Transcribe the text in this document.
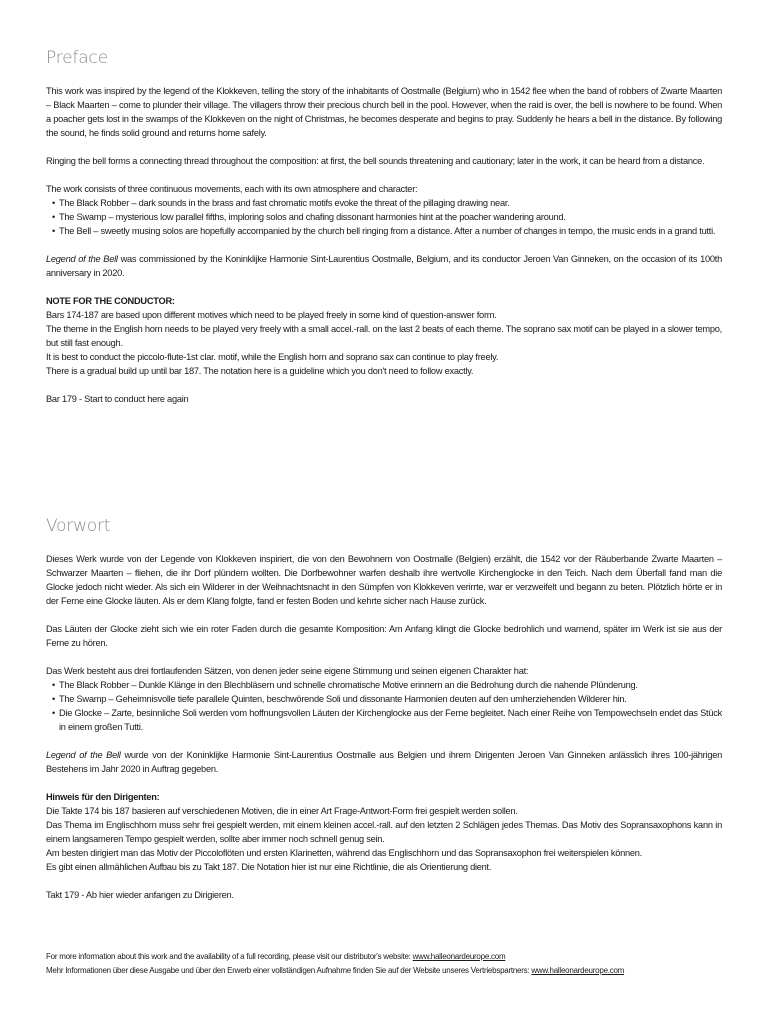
Preface

This work was inspired by the legend of the Klokkeven, telling the story of the inhabitants of Oostmalle (Belgium) who in 1542 flee when the band of robbers of Zwarte Maarten – Black Maarten – come to plunder their village. The villagers throw their precious church bell in the pool. However, when the raid is over, the bell is nowhere to be found. When a poacher gets lost in the swamps of the Klokkeven on the night of Christmas, he becomes desperate and begins to pray. Suddenly he hears a bell in the distance. By following the sound, he finds solid ground and returns home safely.

Ringing the bell forms a connecting thread throughout the composition: at first, the bell sounds threatening and cautionary; later in the work, it can be heard from a distance.

The work consists of three continuous movements, each with its own atmosphere and character:

• The Black Robber – dark sounds in the brass and fast chromatic motifs evoke the threat of the pillaging drawing near.
• The Swamp – mysterious low parallel fifths, imploring solos and chafing dissonant harmonies hint at the poacher wandering around.
• The Bell – sweetly musing solos are hopefully accompanied by the church bell ringing from a distance. After a number of changes in tempo, the music ends in a grand tutti.

Legend of the Bell was commissioned by the Koninklijke Harmonie Sint-Laurentius Oostmalle, Belgium, and its conductor Jeroen Van Ginneken, on the occasion of its 100th anniversary in 2020.

NOTE FOR THE CONDUCTOR:

Bars 174-187 are based upon different motives which need to be played freely in some kind of question-answer form.

The theme in the English horn needs to be played very freely with a small accel.-rall. on the last 2 beats of each theme. The soprano sax motif can be played in a slower tempo, but still fast enough.

It is best to conduct the piccolo-flute-1st clar. motif, while the English horn and soprano sax can continue to play freely.

There is a gradual build up until bar 187. The notation here is a guideline which you don't need to follow exactly.

Bar 179 - Start to conduct here again

Vorwort

Dieses Werk wurde von der Legende von Klokkeven inspiriert, die von den Bewohnern von Oostmalle (Belgien) erzählt, die 1542 vor der Räuberbande Zwarte Maarten – Schwarzer Maarten – fliehen, die ihr Dorf plündern wollten. Die Dorfbewohner warfen deshalb ihre wertvolle Kirchenglocke in den Teich. Nach dem Überfall fand man die Glocke jedoch nicht wieder. Als sich ein Wilderer in der Weihnachtsnacht in den Sümpfen von Klokkeven verirrte, war er verzweifelt und begann zu beten. Plötzlich hörte er in der Ferne eine Glocke läuten. Als er dem Klang folgte, fand er festen Boden und kehrte sicher nach Hause zurück.

Das Läuten der Glocke zieht sich wie ein roter Faden durch die gesamte Komposition: Am Anfang klingt die Glocke bedrohlich und warnend, später im Werk ist sie aus der Ferne zu hören.

Das Werk besteht aus drei fortlaufenden Sätzen, von denen jeder seine eigene Stimmung und seinen eigenen Charakter hat:

• The Black Robber – Dunkle Klänge in den Blechbläsern und schnelle chromatische Motive erinnern an die Bedrohung durch die nahende Plünderung.
• The Swamp – Geheimnisvolle tiefe parallele Quinten, beschwörende Soli und dissonante Harmonien deuten auf den umherziehenden Wilderer hin.
• Die Glocke – Zarte, besinnliche Soli werden vom hoffnungsvollen Läuten der Kirchenglocke aus der Ferne begleitet. Nach einer Reihe von Tempowechseln endet das Stück in einem großen Tutti.

Legend of the Bell wurde von der Koninklijke Harmonie Sint-Laurentius Oostmalle aus Belgien und ihrem Dirigenten Jeroen Van Ginneken anlässlich ihres 100-jährigen Bestehens im Jahr 2020 in Auftrag gegeben.

Hinweis für den Dirigenten:

Die Takte 174 bis 187 basieren auf verschiedenen Motiven, die in einer Art Frage-Antwort-Form frei gespielt werden sollen.

Das Thema im Englischhorn muss sehr frei gespielt werden, mit einem kleinen accel.-rall. auf den letzten 2 Schlägen jedes Themas. Das Motiv des Sopransaxophons kann in einem langsameren Tempo gespielt werden, sollte aber immer noch schnell genug sein.

Am besten dirigiert man das Motiv der Piccoloflöten und ersten Klarinetten, während das Englischhorn und das Sopransaxophon frei weiterspielen können.

Es gibt einen allmählichen Aufbau bis zu Takt 187. Die Notation hier ist nur eine Richtlinie, die als Orientierung dient.

Takt 179 - Ab hier wieder anfangen zu Dirigieren.

For more information about this work and the availability of a full recording, please visit our distributor's website: www.halleonardeurope.com
Mehr Informationen über diese Ausgabe und über den Erwerb einer vollständigen Aufnahme finden Sie auf der Website unseres Vertriebspartners: www.halleonardeurope.com
